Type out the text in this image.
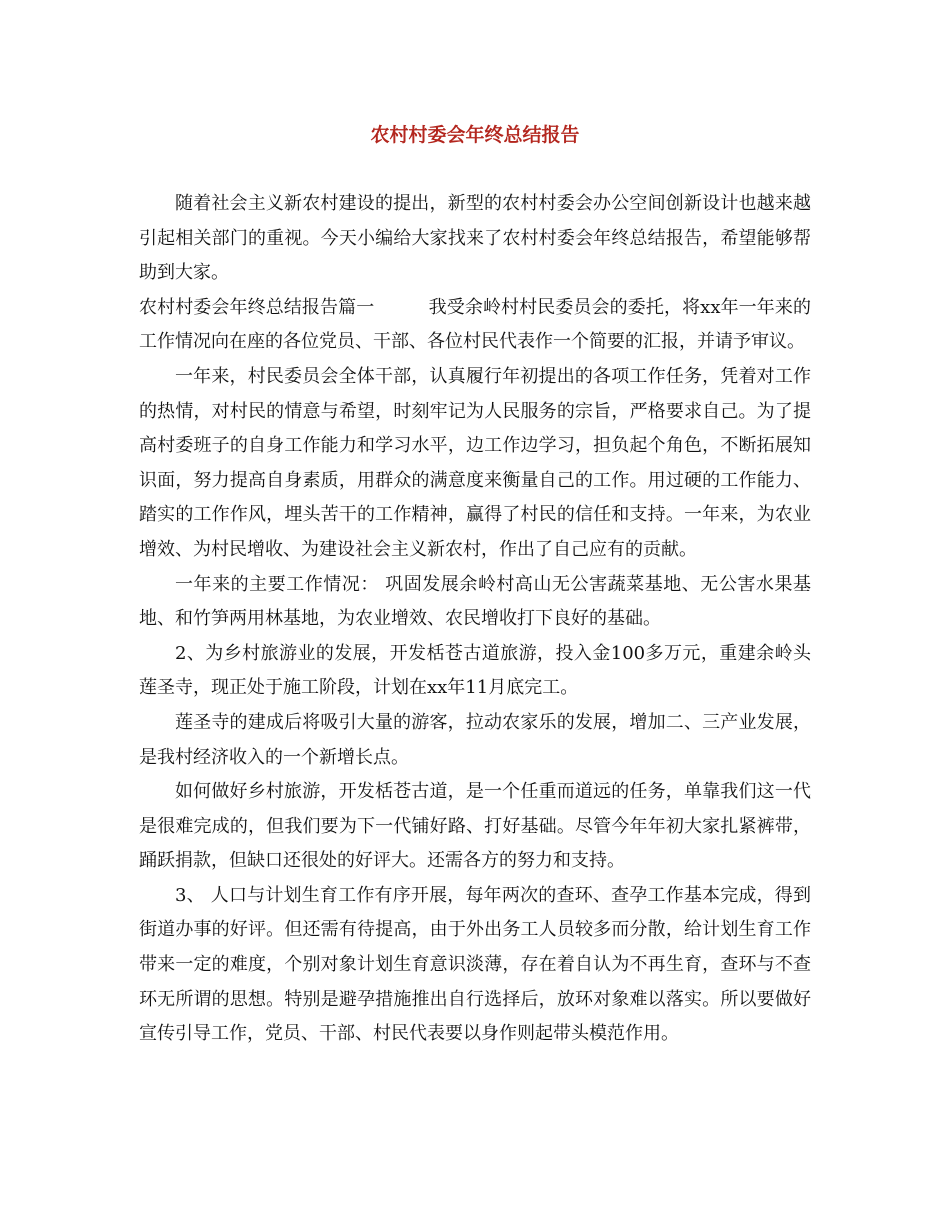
农村村委会年终总结报告

随着社会主义新农村建设的提出，新型的农村村委会办公空间创新设计也越来越引起相关部门的重视。今天小编给大家找来了农村村委会年终总结报告，希望能够帮助到大家。

农村村委会年终总结报告篇一　　　我受余岭村村民委员会的委托，将xx年一年来的工作情况向在座的各位党员、干部、各位村民代表作一个简要的汇报，并请予审议。

一年来，村民委员会全体干部，认真履行年初提出的各项工作任务，凭着对工作的热情，对村民的情意与希望，时刻牢记为人民服务的宗旨，严格要求自己。为了提高村委班子的自身工作能力和学习水平，边工作边学习，担负起个角色，不断拓展知识面，努力提高自身素质，用群众的满意度来衡量自己的工作。用过硬的工作能力、踏实的工作作风，埋头苦干的工作精神，赢得了村民的信任和支持。一年来，为农业增效、为村民增收、为建设社会主义新农村，作出了自己应有的贡献。

一年来的主要工作情况： 巩固发展余岭村高山无公害蔬菜基地、无公害水果基地、和竹笋两用林基地，为农业增效、农民增收打下良好的基础。

2、为乡村旅游业的发展，开发栝苍古道旅游，投入金100多万元，重建余岭头莲圣寺，现正处于施工阶段，计划在xx年11月底完工。

莲圣寺的建成后将吸引大量的游客，拉动农家乐的发展，增加二、三产业发展，是我村经济收入的一个新增长点。

如何做好乡村旅游，开发栝苍古道，是一个任重而道远的任务，单靠我们这一代是很难完成的，但我们要为下一代铺好路、打好基础。尽管今年年初大家扎紧裤带，踊跃捐款，但缺口还很处的好评大。还需各方的努力和支持。

3、 人口与计划生育工作有序开展，每年两次的查环、查孕工作基本完成，得到街道办事的好评。但还需有待提高，由于外出务工人员较多而分散，给计划生育工作带来一定的难度，个别对象计划生育意识淡薄，存在着自认为不再生育，查环与不查环无所谓的思想。特别是避孕措施推出自行选择后，放环对象难以落实。所以要做好宣传引导工作，党员、干部、村民代表要以身作则起带头模范作用。
